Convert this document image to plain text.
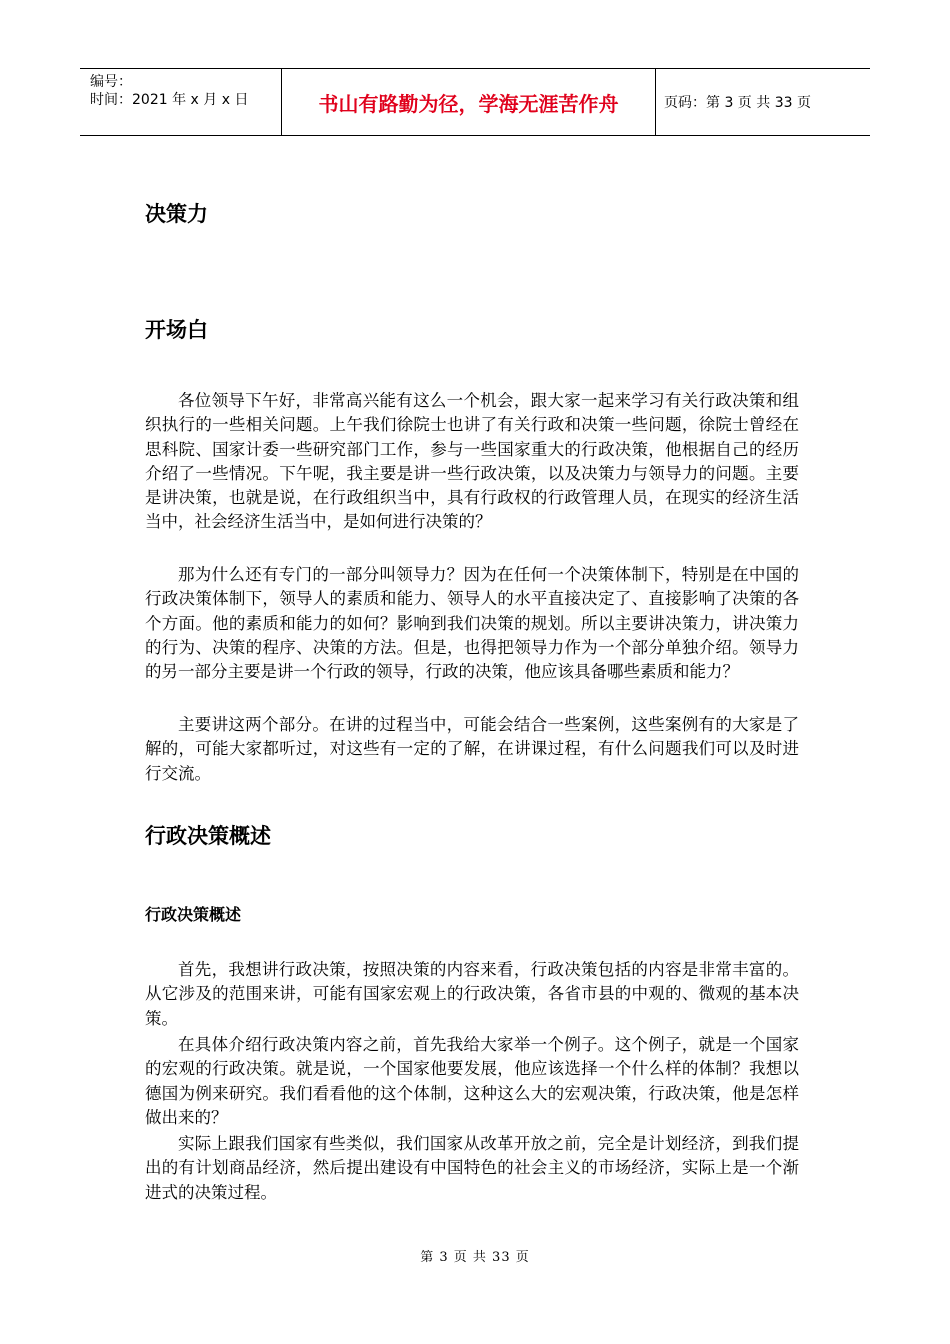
编号：
时间：2021 年 x 月 x 日	书山有路勤为径，学海无涯苦作舟	页码：第 3 页 共 33 页
决策力
开场白

各位领导下午好，非常高兴能有这么一个机会，跟大家一起来学习有关行政决策和组织执行的一些相关问题。上午我们徐院士也讲了有关行政和决策一些问题，徐院士曾经在思科院、国家计委一些研究部门工作，参与一些国家重大的行政决策，他根据自己的经历介绍了一些情况。下午呢，我主要是讲一些行政决策，以及决策力与领导力的问题。主要是讲决策，也就是说，在行政组织当中，具有行政权的行政管理人员，在现实的经济生活当中，社会经济生活当中，是如何进行决策的？

那为什么还有专门的一部分叫领导力？因为在任何一个决策体制下，特别是在中国的行政决策体制下，领导人的素质和能力、领导人的水平直接决定了、直接影响了决策的各个方面。他的素质和能力的如何？影响到我们决策的规划。所以主要讲决策力，讲决策力的行为、决策的程序、决策的方法。但是，也得把领导力作为一个部分单独介绍。领导力的另一部分主要是讲一个行政的领导，行政的决策，他应该具备哪些素质和能力？

主要讲这两个部分。在讲的过程当中，可能会结合一些案例，这些案例有的大家是了解的，可能大家都听过，对这些有一定的了解，在讲课过程，有什么问题我们可以及时进行交流。

行政决策概述
行政决策概述

首先，我想讲行政决策，按照决策的内容来看，行政决策包括的内容是非常丰富的。从它涉及的范围来讲，可能有国家宏观上的行政决策，各省市县的中观的、微观的基本决策。

在具体介绍行政决策内容之前，首先我给大家举一个例子。这个例子，就是一个国家的宏观的行政决策。就是说，一个国家他要发展，他应该选择一个什么样的体制？我想以德国为例来研究。我们看看他的这个体制，这种这么大的宏观决策，行政决策，他是怎样做出来的？

实际上跟我们国家有些类似，我们国家从改革开放之前，完全是计划经济，到我们提出的有计划商品经济，然后提出建设有中国特色的社会主义的市场经济，实际上是一个渐进式的决策过程。

第 3 页 共 33 页
